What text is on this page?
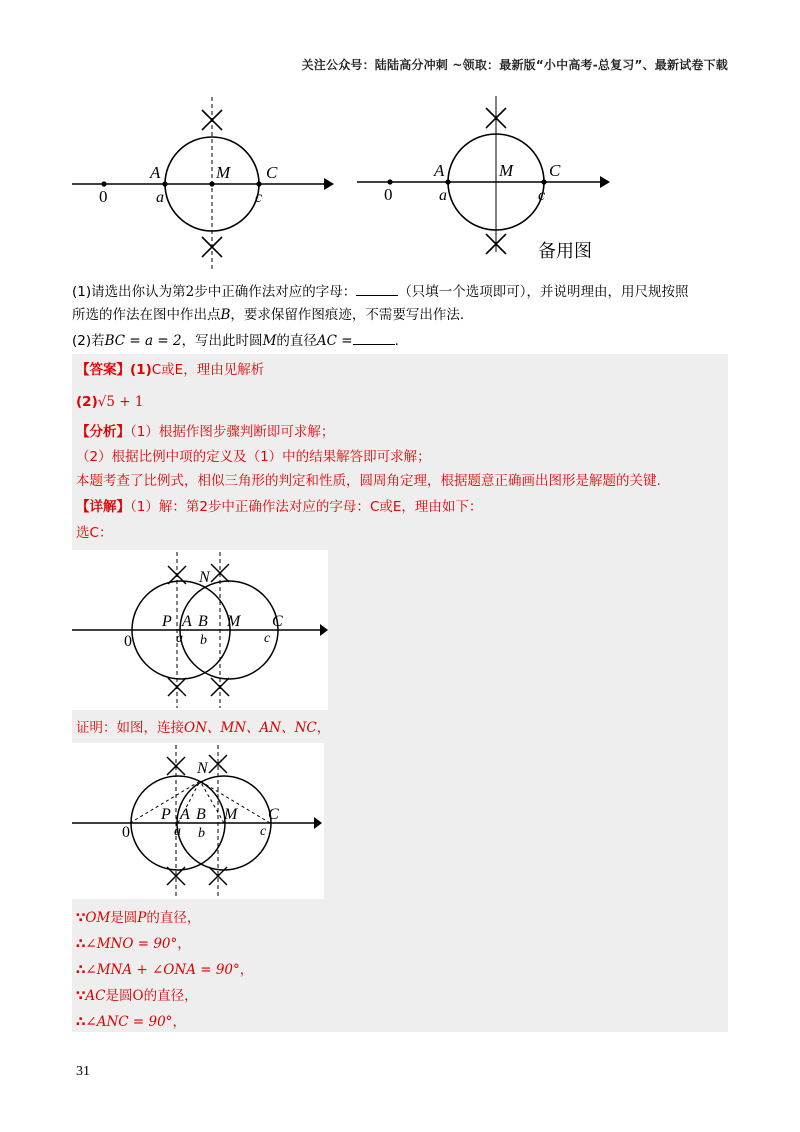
关注公众号：陆陆高分冲刺 ~领取：最新版“小中高考-总复习”、最新试卷下载
A	M C
0	a	c
A	M C
0	a	c
备用图
(1)请选出你认为第2步中正确作法对应的字母：	（只填一个选项即可），并说明理由，用尺规按照
所选的作法在图中作出点B，要求保留作图痕迹，不需要写出作法.
(2)若BC = a = 2，写出此时圆M的直径AC =	.
【答案】(1)C或E，理由见解析
(2)√5 + 1
【分析】（1）根据作图步骤判断即可求解；
（2）根据比例中项的定义及（1）中的结果解答即可求解；
本题考查了比例式，相似三角形的判定和性质，圆周角定理，根据题意正确画出图形是解题的关键.
【详解】（1）解：第2步中正确作法对应的字母：C或E，理由如下：
选C：
N
P A B M C
0	a b	c
证明：如图，连接ON、MN、AN、NC，
N
P A B M C
0	a b	c
∵OM是圆P的直径，
∴∠MNO = 90°，
∴∠MNA + ∠ONA = 90°，
∵AC是圆O的直径，
∴∠ANC = 90°，
31
